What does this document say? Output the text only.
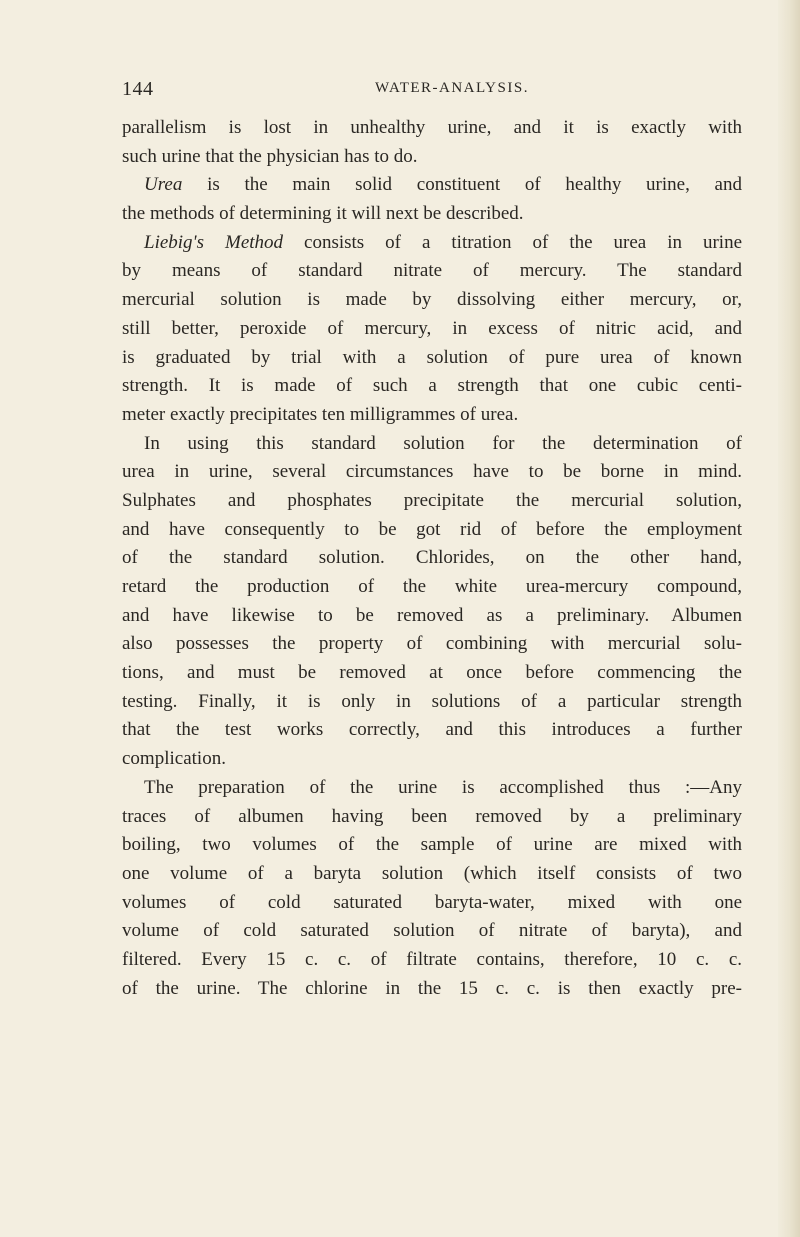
144	WATER-ANALYSIS.
parallelism is lost in unhealthy urine, and it is exactly with
such urine that the physician has to do.
Urea is the main solid constituent of healthy urine, and
the methods of determining it will next be described.
Liebig's Method consists of a titration of the urea in urine
by means of standard nitrate of mercury. The standard
mercurial solution is made by dissolving either mercury, or,
still better, peroxide of mercury, in excess of nitric acid, and
is graduated by trial with a solution of pure urea of known
strength. It is made of such a strength that one cubic centi-
meter exactly precipitates ten milligrammes of urea.
In using this standard solution for the determination of
urea in urine, several circumstances have to be borne in mind.
Sulphates and phosphates precipitate the mercurial solution,
and have consequently to be got rid of before the employment
of the standard solution. Chlorides, on the other hand,
retard the production of the white urea-mercury compound,
and have likewise to be removed as a preliminary. Albumen
also possesses the property of combining with mercurial solu-
tions, and must be removed at once before commencing the
testing. Finally, it is only in solutions of a particular strength
that the test works correctly, and this introduces a further
complication.
The preparation of the urine is accomplished thus :—Any
traces of albumen having been removed by a preliminary
boiling, two volumes of the sample of urine are mixed with
one volume of a baryta solution (which itself consists of two
volumes of cold saturated baryta-water, mixed with one
volume of cold saturated solution of nitrate of baryta), and
filtered. Every 15 c. c. of filtrate contains, therefore, 10 c. c.
of the urine. The chlorine in the 15 c. c. is then exactly pre-
